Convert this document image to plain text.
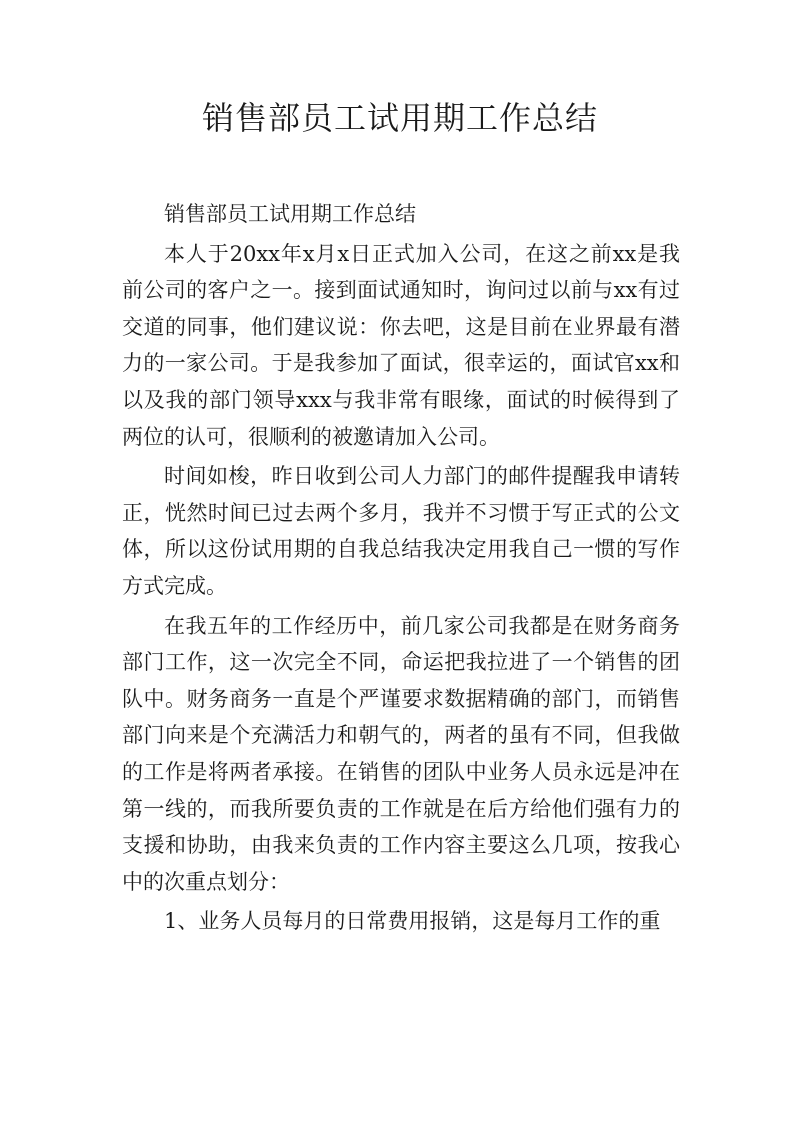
销售部员工试用期工作总结

销售部员工试用期工作总结

本人于20xx年x月x日正式加入公司，在这之前xx是我前公司的客户之一。接到面试通知时，询问过以前与xx有过交道的同事，他们建议说：你去吧，这是目前在业界最有潜力的一家公司。于是我参加了面试，很幸运的，面试官xx和以及我的部门领导xxx与我非常有眼缘，面试的时候得到了两位的认可，很顺利的被邀请加入公司。

时间如梭，昨日收到公司人力部门的邮件提醒我申请转正，恍然时间已过去两个多月，我并不习惯于写正式的公文体，所以这份试用期的自我总结我决定用我自己一惯的写作方式完成。

在我五年的工作经历中，前几家公司我都是在财务商务部门工作，这一次完全不同，命运把我拉进了一个销售的团队中。财务商务一直是个严谨要求数据精确的部门，而销售部门向来是个充满活力和朝气的，两者的虽有不同，但我做的工作是将两者承接。在销售的团队中业务人员永远是冲在第一线的，而我所要负责的工作就是在后方给他们强有力的支援和协助，由我来负责的工作内容主要这么几项，按我心中的次重点划分：

1、业务人员每月的日常费用报销，这是每月工作的重
